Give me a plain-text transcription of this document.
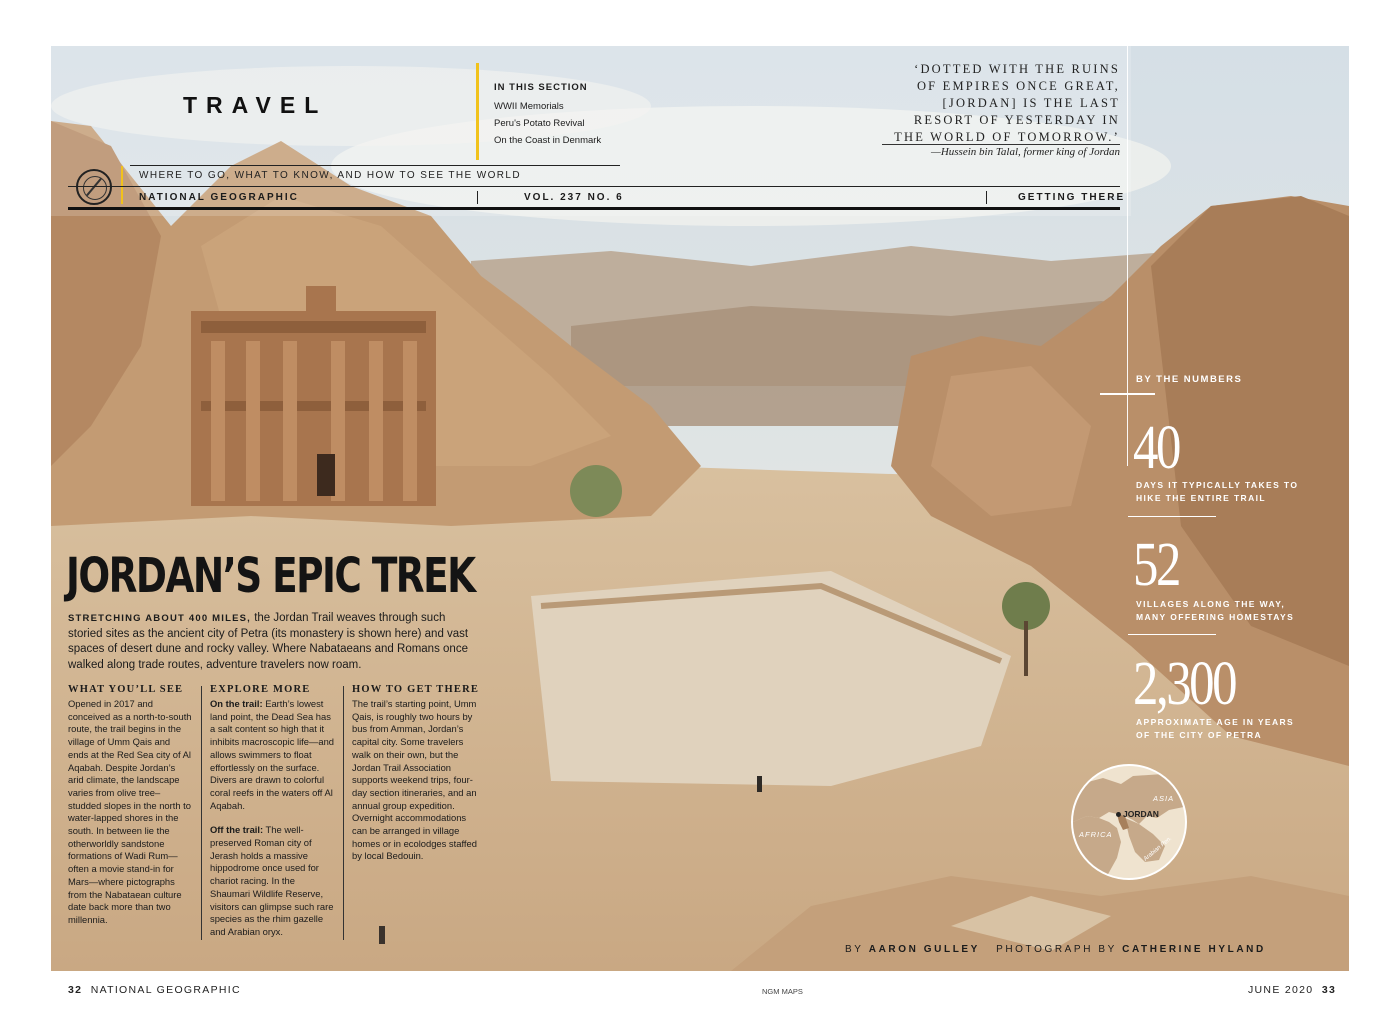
TRAVEL
IN THIS SECTION
WWII Memorials
Peru's Potato Revival
On the Coast in Denmark
WHERE TO GO, WHAT TO KNOW, AND HOW TO SEE THE WORLD
NATIONAL GEOGRAPHIC	VOL. 237 NO. 6	GETTING THERE
‘DOTTED WITH THE RUINS
OF EMPIRES ONCE GREAT,
[JORDAN] IS THE LAST
RESORT OF YESTERDAY IN
THE WORLD OF TOMORROW.’
—Hussein bin Talal, former king of Jordan
JORDAN’S EPIC TREK

STRETCHING ABOUT 400 MILES, the Jordan Trail weaves through such storied sites as the ancient city of Petra (its monastery is shown here) and vast spaces of desert dune and rocky valley. Where Nabataeans and Romans once walked along trade routes, adventure travelers now roam.

WHAT YOU’LL SEE

Opened in 2017 and conceived as a north-to-south route, the trail begins in the village of Umm Qais and ends at the Red Sea city of Al Aqabah. Despite Jordan’s arid climate, the landscape varies from olive tree–studded slopes in the north to water-lapped shores in the south. In between lie the otherworldly sandstone formations of Wadi Rum—often a movie stand-in for Mars—where pictographs from the Nabataean culture date back more than two millennia.

EXPLORE MORE

On the trail: Earth’s lowest land point, the Dead Sea has a salt content so high that it inhibits macroscopic life—and allows swimmers to float effortlessly on the surface. Divers are drawn to colorful coral reefs in the waters off Al Aqabah.

Off the trail: The well-preserved Roman city of Jerash holds a massive hippodrome once used for chariot racing. In the Shaumari Wildlife Reserve, visitors can glimpse such rare species as the rhim gazelle and Arabian oryx.

HOW TO GET THERE

The trail’s starting point, Umm Qais, is roughly two hours by bus from Amman, Jordan’s capital city. Some travelers walk on their own, but the Jordan Trail Association supports weekend trips, four-day section itineraries, and an annual group expedition. Overnight accommodations can be arranged in village homes or in ecolodges staffed by local Bedouin.

BY THE NUMBERS
40
DAYS IT TYPICALLY TAKES TO HIKE THE ENTIRE TRAIL
52
VILLAGES ALONG THE WAY, MANY OFFERING HOMESTAYS
2,300
APPROXIMATE AGE IN YEARS OF THE CITY OF PETRA
ASIA
JORDAN
AFRICA
Arabian Pen.
BY AARON GULLEY   PHOTOGRAPH BY CATHERINE HYLAND
32 NATIONAL GEOGRAPHIC	NGM MAPS	JUNE 2020 33
